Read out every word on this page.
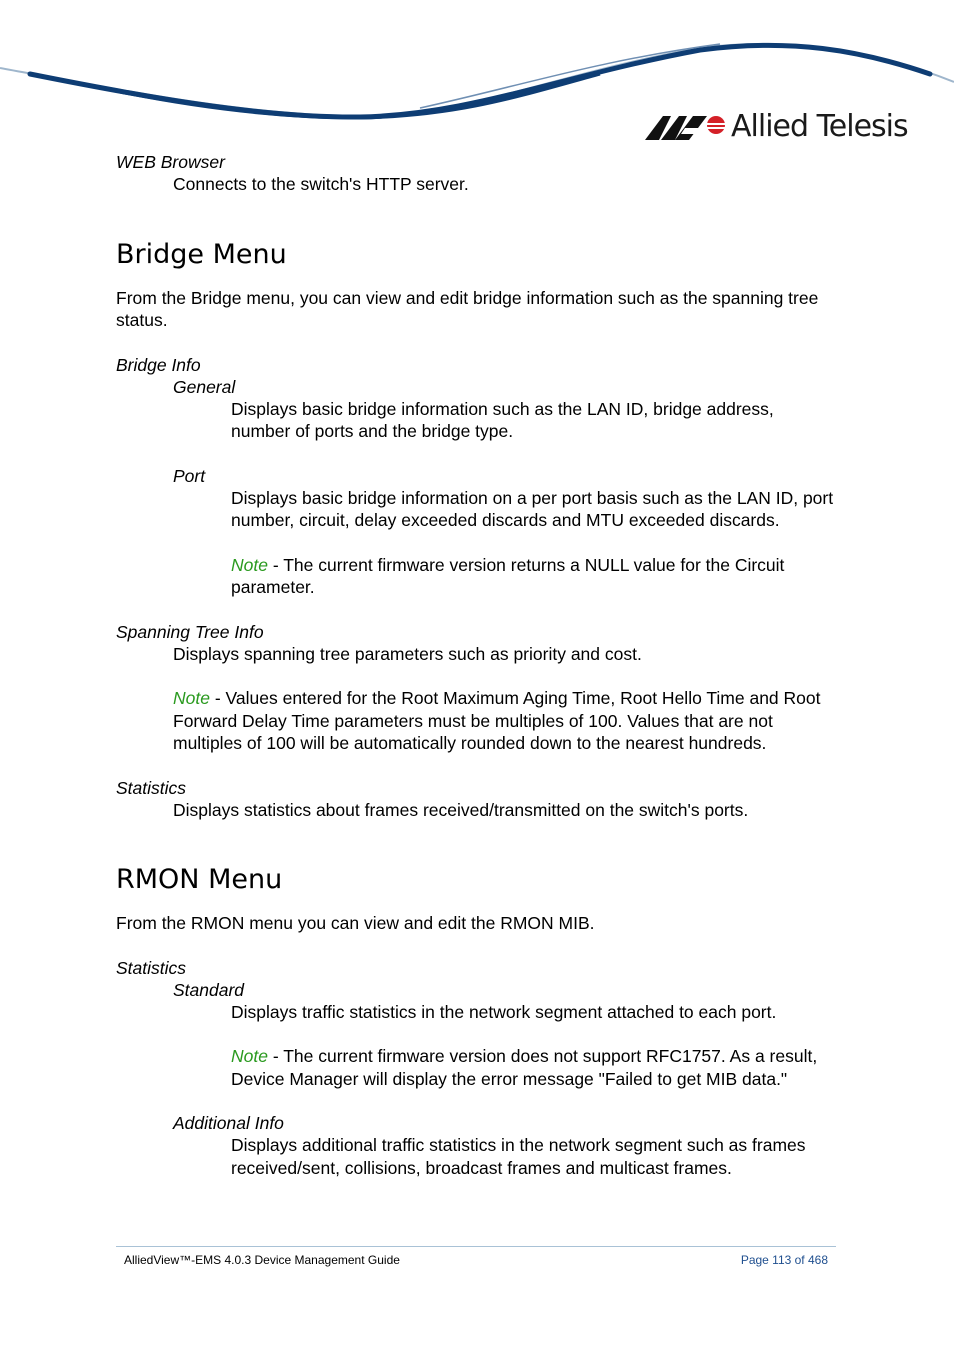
Allied Telesis

WEB Browser

Connects to the switch's HTTP server.

Bridge Menu

From the Bridge menu, you can view and edit bridge information such as the spanning tree status.

Bridge Info

General

Displays basic bridge information such as the LAN ID, bridge address, number of ports and the bridge type.

Port

Displays basic bridge information on a per port basis such as the LAN ID, port number, circuit, delay exceeded discards and MTU exceeded discards.

Note - The current firmware version returns a NULL value for the Circuit parameter.

Spanning Tree Info

Displays spanning tree parameters such as priority and cost.

Note - Values entered for the Root Maximum Aging Time, Root Hello Time and Root Forward Delay Time parameters must be multiples of 100. Values that are not multiples of 100 will be automatically rounded down to the nearest hundreds.

Statistics

Displays statistics about frames received/transmitted on the switch's ports.

RMON Menu

From the RMON menu you can view and edit the RMON MIB.

Statistics

Standard

Displays traffic statistics in the network segment attached to each port.

Note - The current firmware version does not support RFC1757. As a result, Device Manager will display the error message "Failed to get MIB data."

Additional Info

Displays additional traffic statistics in the network segment such as frames received/sent, collisions, broadcast frames and multicast frames.

AlliedView™-EMS 4.0.3 Device Management Guide	Page 113 of 468
